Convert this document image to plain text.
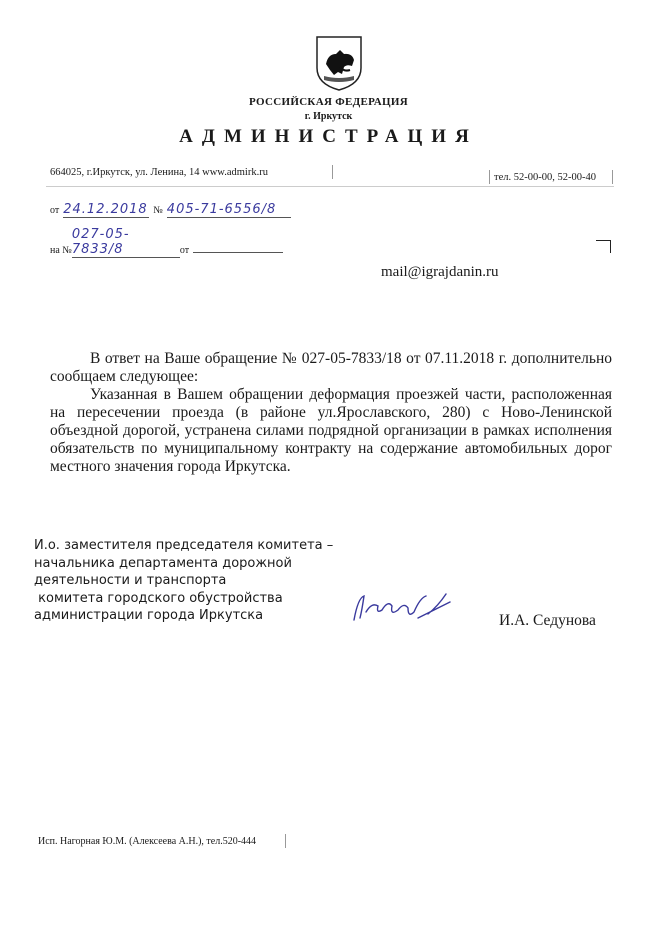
РОССИЙСКАЯ ФЕДЕРАЦИЯ
г. Иркутск
АДМИНИСТРАЦИЯ
664025, г.Иркутск, ул. Ленина, 14 www.admirk.ru	тел. 52-00-00, 52-00-40
от 24.12.2018 № 405-71-6556/8
на №027-05-7833/8	от
mail@igrajdanin.ru
В ответ на Ваше обращение № 027-05-7833/18 от 07.11.2018 г. дополнительно сообщаем следующее:
Указанная в Вашем обращении деформация проезжей части, расположенная на пересечении проезда (в районе ул.Ярославского, 280) с Ново-Ленинской объездной дорогой, устранена силами подрядной организации в рамках исполнения обязательств по муниципальному контракту на содержание автомобильных дорог местного значения города Иркутска.
И.о. заместителя председателя комитета –
начальника департамента дорожной
деятельности и транспорта
комитета городского обустройства
администрации города Иркутска	И.А. Седунова
Исп. Нагорная Ю.М. (Алексеева А.Н.), тел.520-444
